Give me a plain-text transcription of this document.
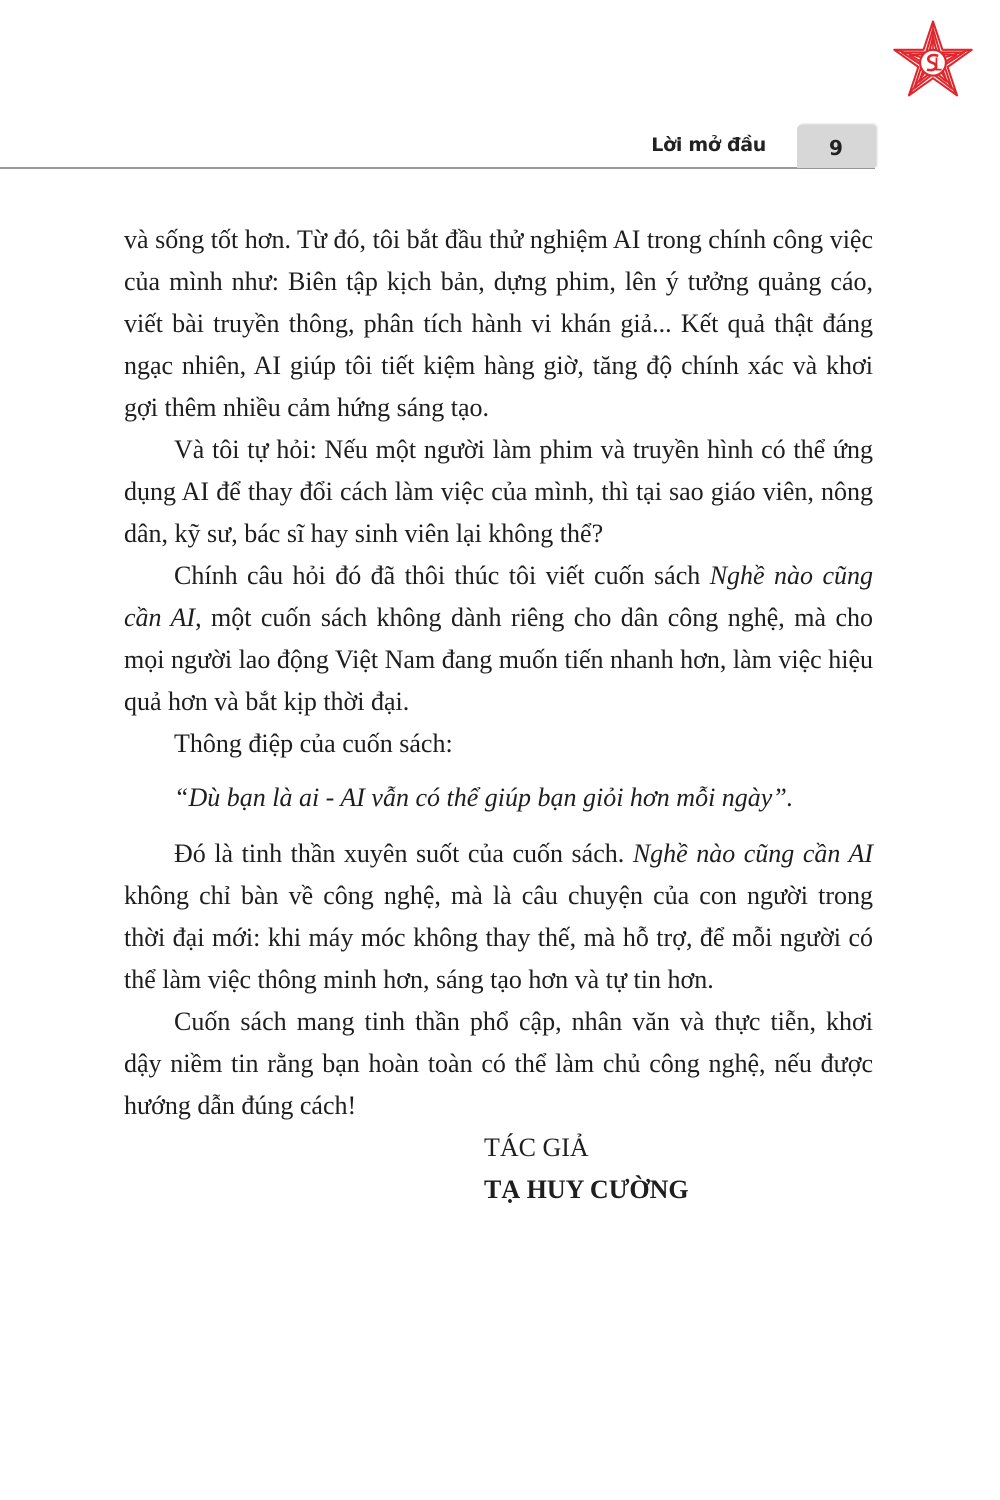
Lời mở đầu	9

và sống tốt hơn. Từ đó, tôi bắt đầu thử nghiệm AI trong chính công việc của mình như: Biên tập kịch bản, dựng phim, lên ý tưởng quảng cáo, viết bài truyền thông, phân tích hành vi khán giả... Kết quả thật đáng ngạc nhiên, AI giúp tôi tiết kiệm hàng giờ, tăng độ chính xác và khơi gợi thêm nhiều cảm hứng sáng tạo.

Và tôi tự hỏi: Nếu một người làm phim và truyền hình có thể ứng dụng AI để thay đổi cách làm việc của mình, thì tại sao giáo viên, nông dân, kỹ sư, bác sĩ hay sinh viên lại không thể?

Chính câu hỏi đó đã thôi thúc tôi viết cuốn sách Nghề nào cũng cần AI, một cuốn sách không dành riêng cho dân công nghệ, mà cho mọi người lao động Việt Nam đang muốn tiến nhanh hơn, làm việc hiệu quả hơn và bắt kịp thời đại.

Thông điệp của cuốn sách:

“Dù bạn là ai - AI vẫn có thể giúp bạn giỏi hơn mỗi ngày”.

Đó là tinh thần xuyên suốt của cuốn sách. Nghề nào cũng cần AI không chỉ bàn về công nghệ, mà là câu chuyện của con người trong thời đại mới: khi máy móc không thay thế, mà hỗ trợ, để mỗi người có thể làm việc thông minh hơn, sáng tạo hơn và tự tin hơn.

Cuốn sách mang tinh thần phổ cập, nhân văn và thực tiễn, khơi dậy niềm tin rằng bạn hoàn toàn có thể làm chủ công nghệ, nếu được hướng dẫn đúng cách!

TÁC GIẢ

TẠ HUY CƯỜNG
